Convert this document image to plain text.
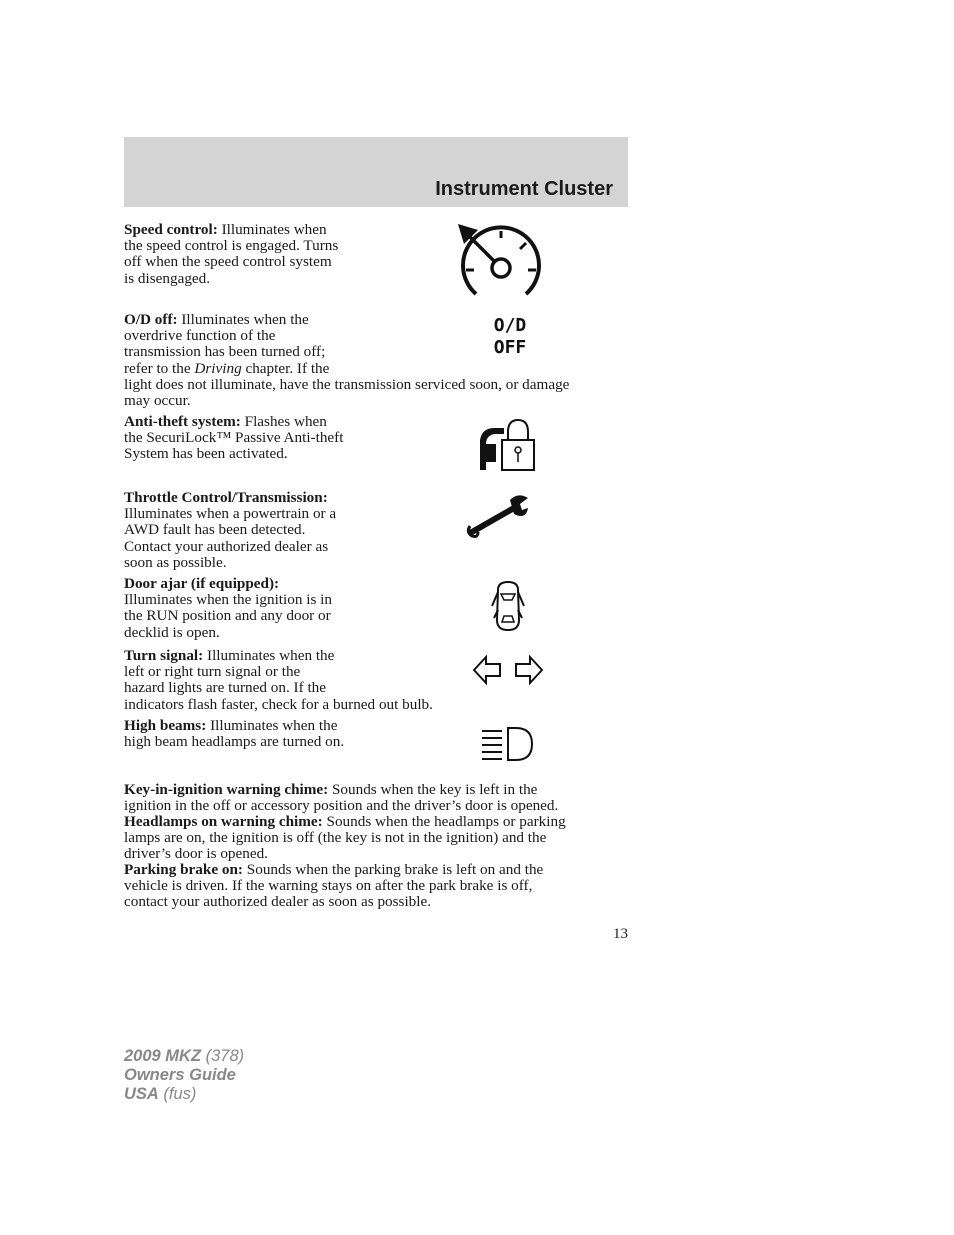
Instrument Cluster
Speed control: Illuminates when
the speed control is engaged. Turns
off when the speed control system
is disengaged.
O/D off: Illuminates when the
overdrive function of the
transmission has been turned off;
refer to the Driving chapter. If the
light does not illuminate, have the transmission serviced soon, or damage
may occur.
O/D
OFF
Anti-theft system: Flashes when
the SecuriLock™ Passive Anti-theft
System has been activated.
Throttle Control/Transmission:
Illuminates when a powertrain or a
AWD fault has been detected.
Contact your authorized dealer as
soon as possible.
Door ajar (if equipped):
Illuminates when the ignition is in
the RUN position and any door or
decklid is open.
Turn signal: Illuminates when the
left or right turn signal or the
hazard lights are turned on. If the
indicators flash faster, check for a burned out bulb.
High beams: Illuminates when the
high beam headlamps are turned on.
Key-in-ignition warning chime: Sounds when the key is left in the
ignition in the off or accessory position and the driver’s door is opened.
Headlamps on warning chime: Sounds when the headlamps or parking
lamps are on, the ignition is off (the key is not in the ignition) and the
driver’s door is opened.
Parking brake on: Sounds when the parking brake is left on and the
vehicle is driven. If the warning stays on after the park brake is off,
contact your authorized dealer as soon as possible.
13
2009 MKZ (378)
Owners Guide
USA (fus)
